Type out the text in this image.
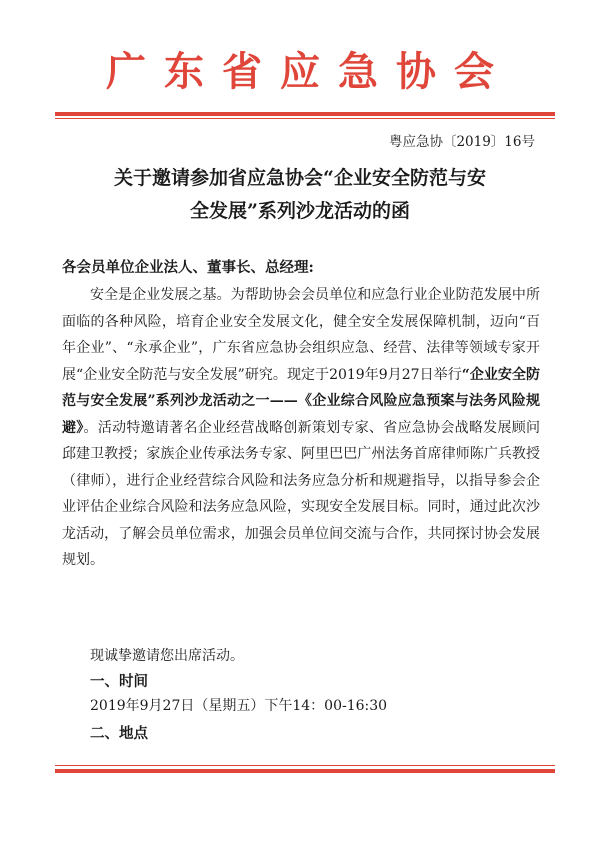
广东省应急协会
粤应急协〔2019〕16号
关于邀请参加省应急协会“企业安全防范与安
全发展”系列沙龙活动的函
各会员单位企业法人、董事长、总经理:
安全是企业发展之基。为帮助协会会员单位和应急行业企业防范发展中所面临的各种风险，培育企业安全发展文化，健全安全发展保障机制，迈向“百年企业”、“永承企业”，广东省应急协会组织应急、经营、法律等领域专家开展“企业安全防范与安全发展”研究。现定于2019年9月27日举行“企业安全防范与安全发展”系列沙龙活动之一——《企业综合风险应急预案与法务风险规避》。活动特邀请著名企业经营战略创新策划专家、省应急协会战略发展顾问邱建卫教授；家族企业传承法务专家、阿里巴巴广州法务首席律师陈广兵教授（律师），进行企业经营综合风险和法务应急分析和规避指导，以指导参会企业评估企业综合风险和法务应急风险，实现安全发展目标。同时，通过此次沙龙活动，了解会员单位需求，加强会员单位间交流与合作，共同探讨协会发展规划。
现诚挚邀请您出席活动。
一、时间
2019年9月27日（星期五）下午14：00-16:30
二、地点
